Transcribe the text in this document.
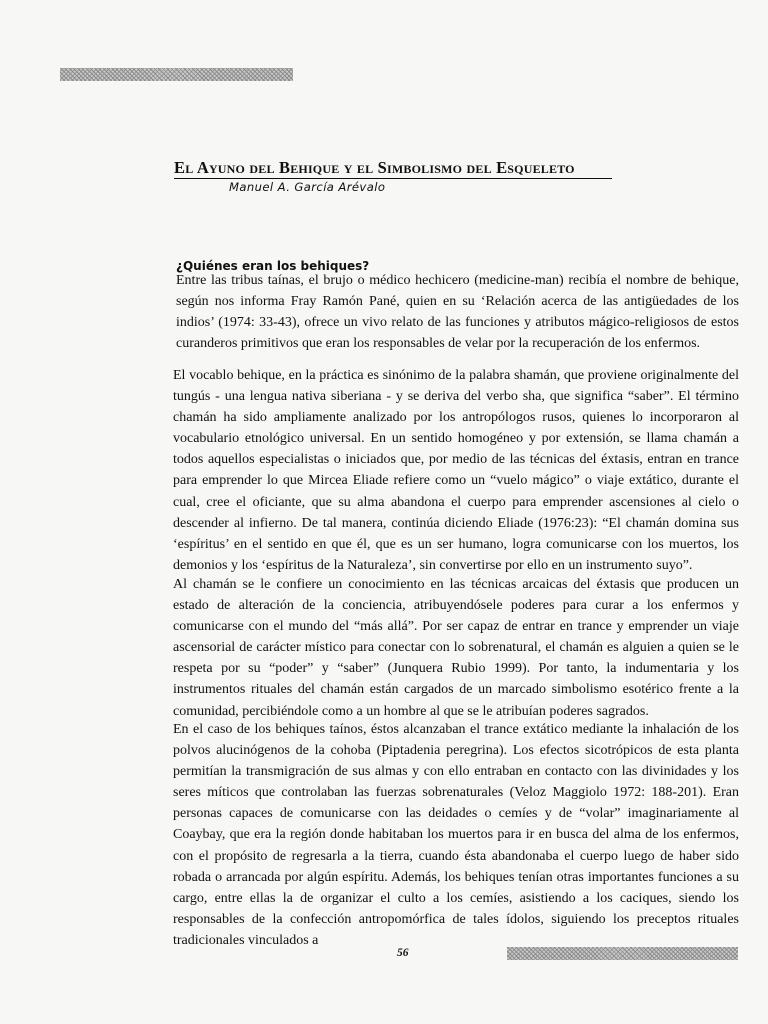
El Ayuno del Behique y el Simbolismo del Esqueleto

Manuel A. García Arévalo

¿Quiénes eran los behiques?

Entre las tribus taínas, el brujo o médico hechicero (medicine-man) recibía el nombre de behique, según nos informa Fray Ramón Pané, quien en su ‘Relación acerca de las antigüedades de los indios’ (1974: 33-43), ofrece un vivo relato de las funciones y atributos mágico-religiosos de estos curanderos primitivos que eran los responsables de velar por la recuperación de los enfermos.

El vocablo behique, en la práctica es sinónimo de la palabra shamán, que proviene originalmente del tungús - una lengua nativa siberiana - y se deriva del verbo sha, que significa “saber”. El término chamán ha sido ampliamente analizado por los antropólogos rusos, quienes lo incorporaron al vocabulario etnológico universal. En un sentido homogéneo y por extensión, se llama chamán a todos aquellos especialistas o iniciados que, por medio de las técnicas del éxtasis, entran en trance para emprender lo que Mircea Eliade refiere como un “vuelo mágico” o viaje extático, durante el cual, cree el oficiante, que su alma abandona el cuerpo para emprender ascensiones al cielo o descender al infierno. De tal manera, continúa diciendo Eliade (1976:23): “El chamán domina sus ‘espíritus’ en el sentido en que él, que es un ser humano, logra comunicarse con los muertos, los demonios y los ‘espíritus de la Naturaleza’, sin convertirse por ello en un instrumento suyo”.

Al chamán se le confiere un conocimiento en las técnicas arcaicas del éxtasis que producen un estado de alteración de la conciencia, atribuyendósele poderes para curar a los enfermos y comunicarse con el mundo del “más allá”. Por ser capaz de entrar en trance y emprender un viaje ascensorial de carácter místico para conectar con lo sobrenatural, el chamán es alguien a quien se le respeta por su “poder” y “saber” (Junquera Rubio 1999). Por tanto, la indumentaria y los instrumentos rituales del chamán están cargados de un marcado simbolismo esotérico frente a la comunidad, percibiéndole como a un hombre al que se le atribuían poderes sagrados.

En el caso de los behiques taínos, éstos alcanzaban el trance extático mediante la inhalación de los polvos alucinógenos de la cohoba (Piptadenia peregrina). Los efectos sicotrópicos de esta planta permitían la transmigración de sus almas y con ello entraban en contacto con las divinidades y los seres míticos que controlaban las fuerzas sobrenaturales (Veloz Maggiolo 1972: 188-201). Eran personas capaces de comunicarse con las deidades o cemíes y de “volar” imaginariamente al Coaybay, que era la región donde habitaban los muertos para ir en busca del alma de los enfermos, con el propósito de regresarla a la tierra, cuando ésta abandonaba el cuerpo luego de haber sido robada o arrancada por algún espíritu. Además, los behiques tenían otras importantes funciones a su cargo, entre ellas la de organizar el culto a los cemíes, asistiendo a los caciques, siendo los responsables de la confección antropomórfica de tales ídolos, siguiendo los preceptos rituales tradicionales vinculados a

56
